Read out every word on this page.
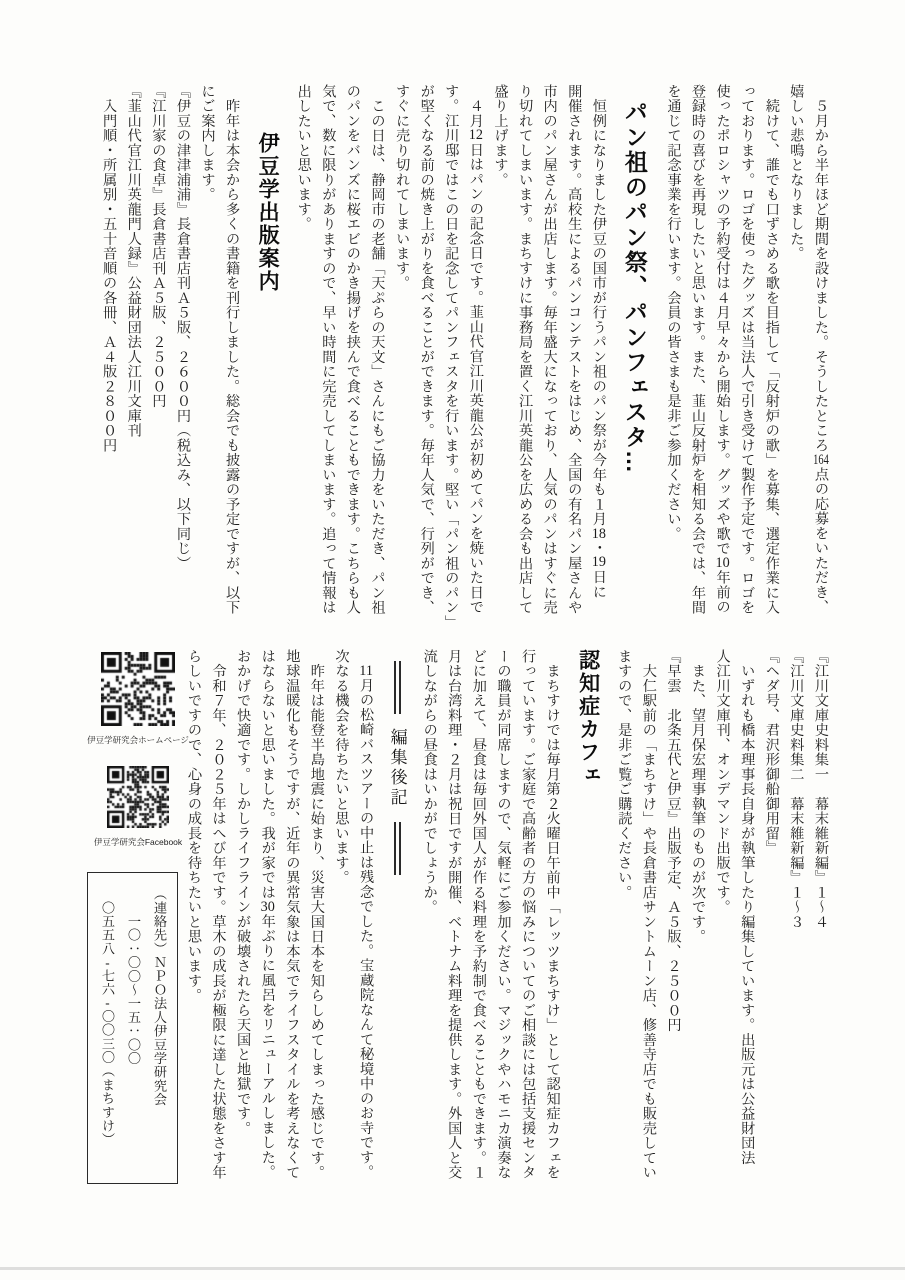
　５月から半年ほど期間を設けました。そうしたところ164点の応募をいただき、

嬉しい悲鳴となりました。

　続けて、誰でも口ずさめる歌を目指して「反射炉の歌」を募集、選定作業に入

っております。ロゴを使ったグッズは当法人で引き受けて製作予定です。ロゴを

使ったポロシャツの予約受付は４月早々から開始します。グッズや歌で10年前の

登録時の喜びを再現したいと思います。また、韮山反射炉を相知る会では、年間

を通じて記念事業を行います。会員の皆さまも是非ご参加ください。

パン祖のパン祭、パンフェスタ…

　恒例になりました伊豆の国市が行うパン祖のパン祭が今年も１月18・19日に

開催されます。高校生によるパンコンテストをはじめ、全国の有名パン屋さんや

市内のパン屋さんが出店します。毎年盛大になっており、人気のパンはすぐに売

り切れてしまいます。まちすけに事務局を置く江川英龍公を広める会も出店して

盛り上げます。

　４月12日はパンの記念日です。韮山代官江川英龍公が初めてパンを焼いた日で

す。江川邸ではこの日を記念してパンフェスタを行います。堅い「パン祖のパン」

が堅くなる前の焼き上がりを食べることができます。毎年人気で、行列ができ、

すぐに売り切れてしまいます。

　この日は、静岡市の老舗「天ぷらの天文」さんにもご協力をいただき、パン祖

のパンをバンズに桜エビのかき揚げを挟んで食べることもできます。こちらも人

気で、数に限りがありますので、早い時間に完売してしまいます。追って情報は

出したいと思います。

伊豆学出版案内

　昨年は本会から多くの書籍を刊行しました。総会でも披露の予定ですが、以下

にご案内します。

『伊豆の津津浦浦』長倉書店刊Ａ５版、２６００円（税込み、以下同じ）

『江川家の食卓』長倉書店刊Ａ５版、２５００円

『韮山代官江川英龍門人録』公益財団法人江川文庫刊

　入門順・所属別・五十音順の各冊、Ａ４版２８００円

『江川文庫史料集一　幕末維新編』１～４

『江川文庫史料集二　幕末維新編』１～３

『ヘダ号、君沢形御船御用留』

　いずれも橋本理事長自身が執筆したり編集しています。出版元は公益財団法

人江川文庫刊、オンデマンド出版です。

　また、望月保宏理事執筆のものが次です。

『早雲　北条五代と伊豆』出版予定、Ａ５版、２５００円

　大仁駅前の「まちすけ」や長倉書店サントムーン店、修善寺店でも販売してい

ますので、是非ご覧ご購読ください。

認知症カフェ

　まちすけでは毎月第２火曜日午前中「レッツまちすけ」として認知症カフェを

行っています。ご家庭で高齢者の方の悩みについてのご相談には包括支援センタ

ーの職員が同席しますので、気軽にご参加ください。マジックやハモニカ演奏な

どに加えて、昼食は毎回外国人が作る料理を予約制で食べることもできます。１

月は台湾料理・２月は祝日ですが開催、ベトナム料理を提供します。外国人と交

流しながらの昼食はいかがでしょうか。

編集後記

　11月の松崎バスツアーの中止は残念でした。宝蔵院なんて秘境中のお寺です。

次なる機会を待ちたいと思います。

　昨年は能登半島地震に始まり、災害大国日本を知らしめてしまった感じです。

地球温暖化もそうですが、近年の異常気象は本気でライフスタイルを考えなくて

はならないと思いました。我が家では30年ぶりに風呂をリニューアルしました。

おかげで快適です。しかしライフラインが破壊されたら天国と地獄です。

　令和７年、２０２５年はへび年です。草木の成長が極限に達した状態をさす年

らしいですので、心身の成長を待ちたいと思います。

伊豆学研究会ホームページ
伊豆学研究会Facebook

（連絡先）ＮＰＯ法人伊豆学研究会

　　一〇：〇〇～一五：〇〇

　〇五五八-七六-〇〇三〇（まちすけ）
